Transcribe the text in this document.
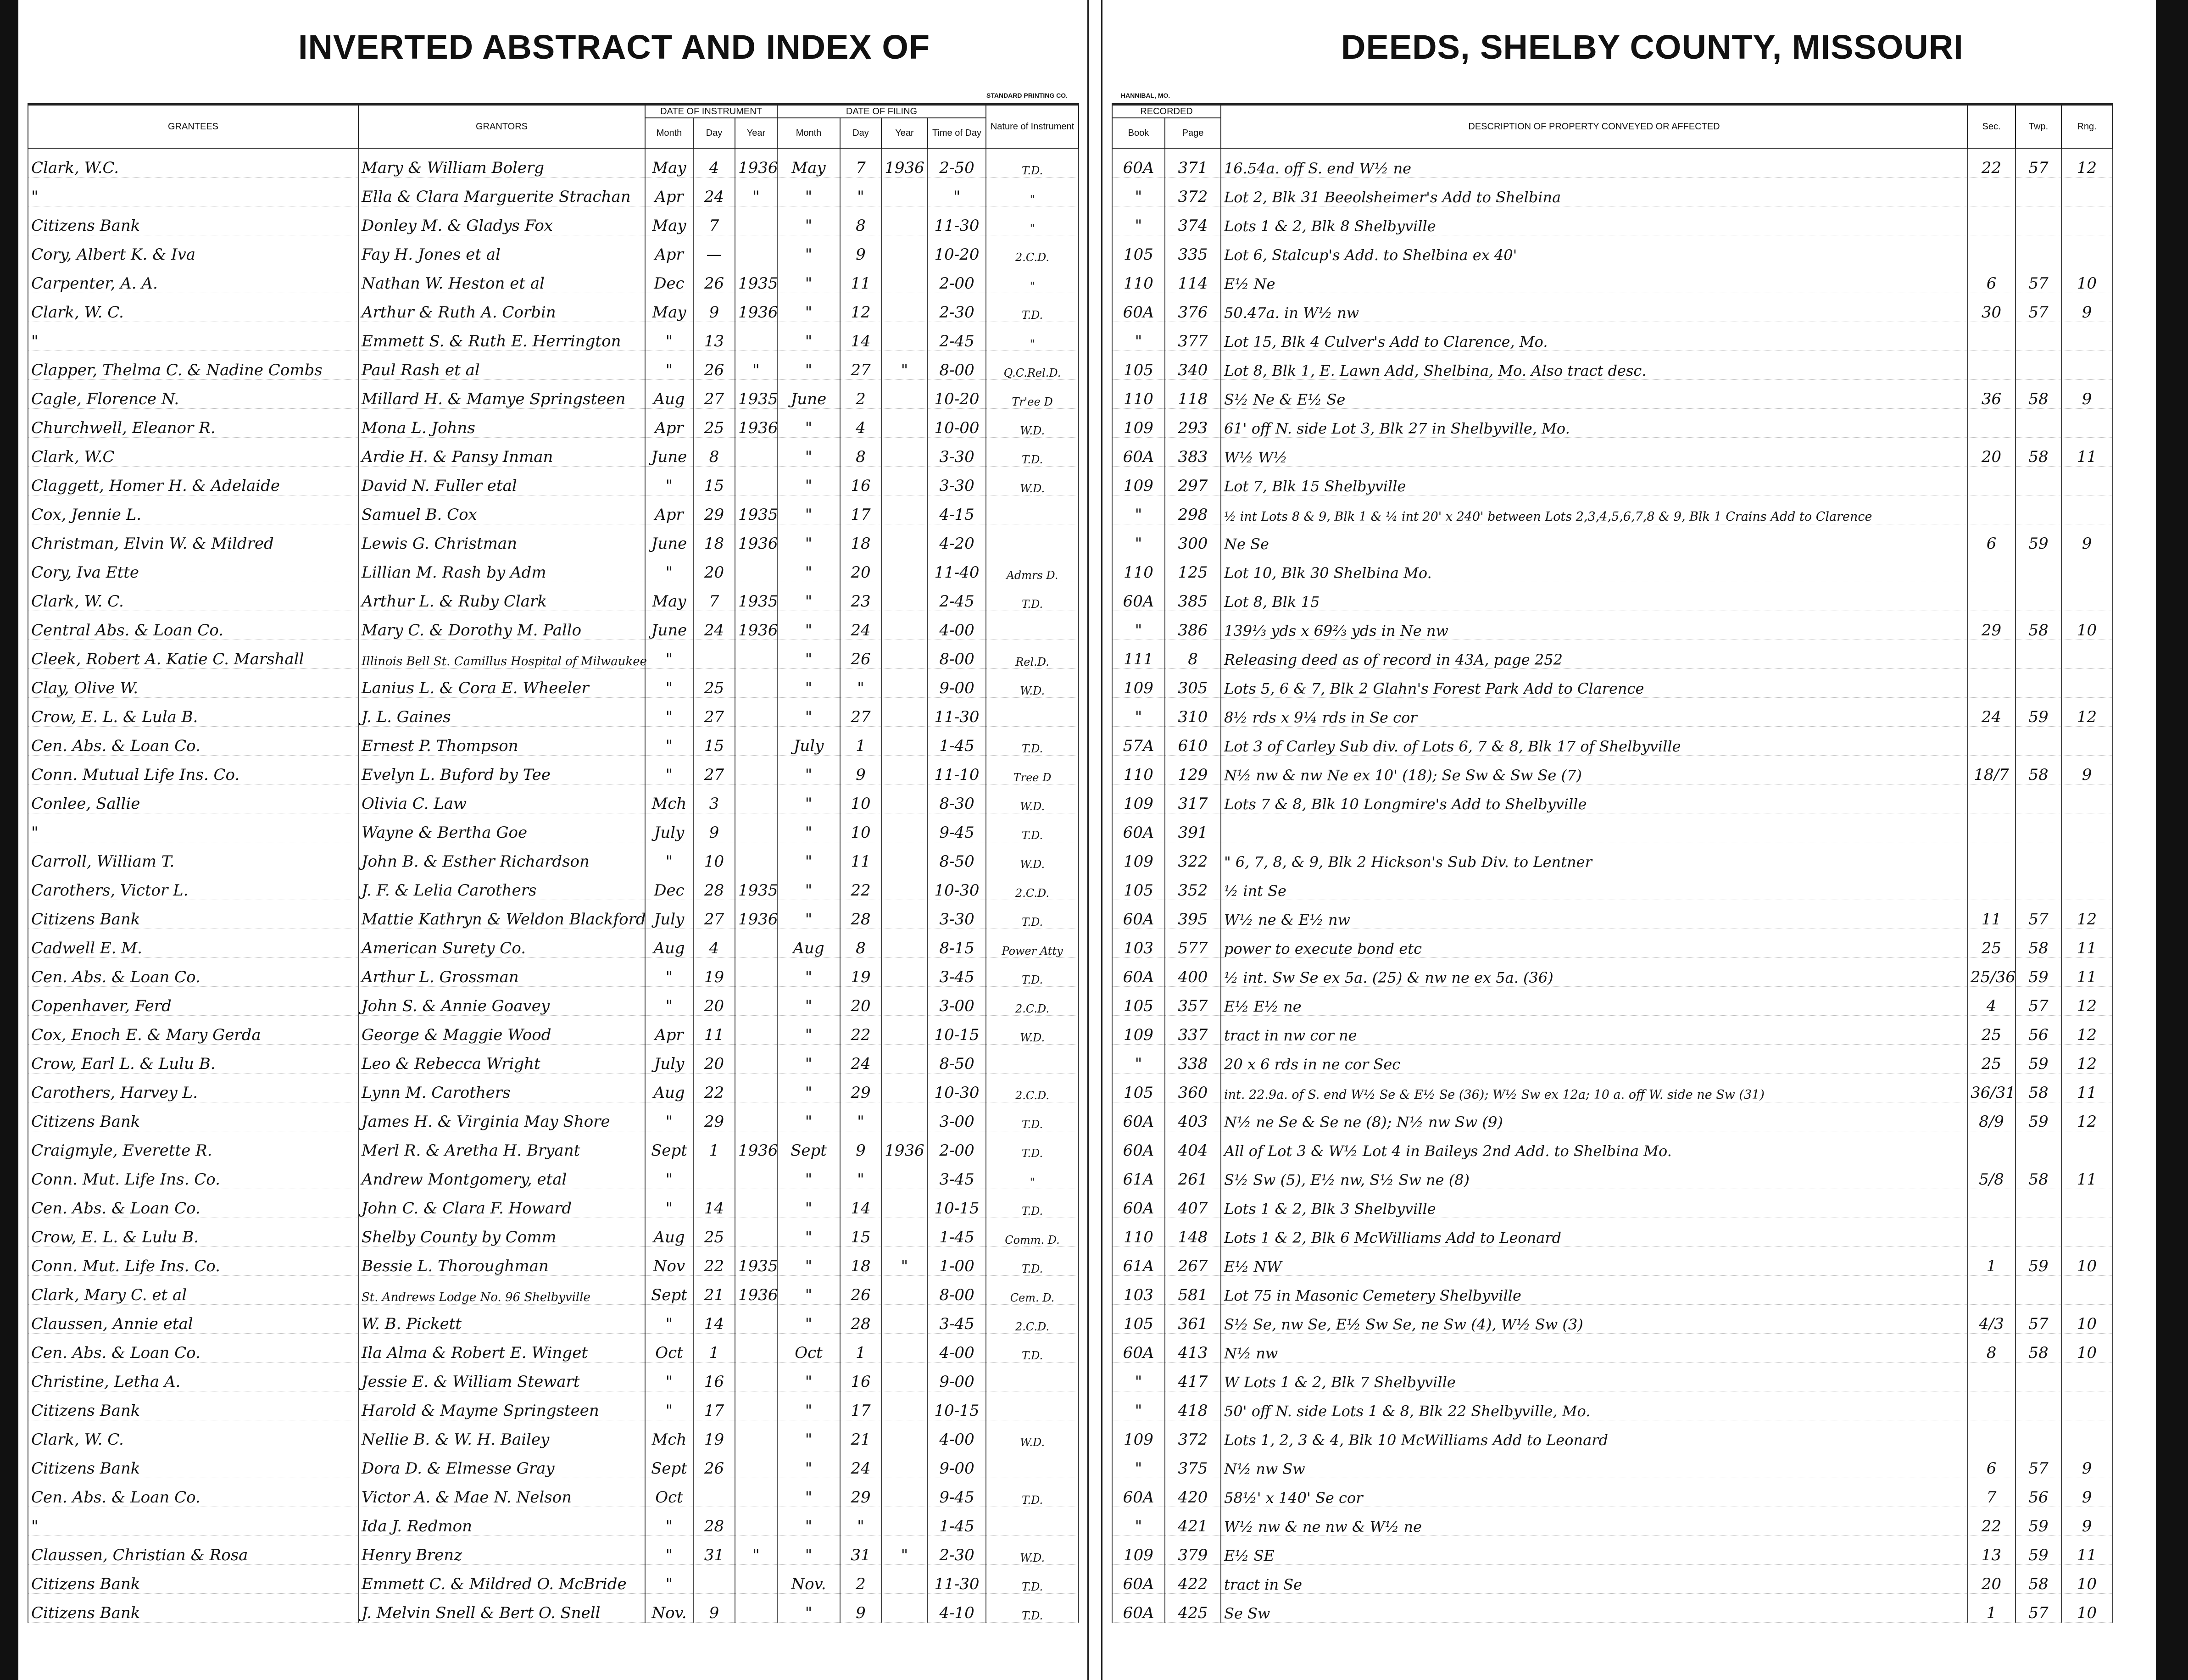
INVERTED ABSTRACT AND INDEX OF
STANDARD PRINTING CO.
GRANTEES	GRANTORS	DATE OF INSTRUMENT			DATE OF FILING				Nature of Instrument
		Month	Day	Year	Month	Day	Year	Time of Day	
Clark, W.C.	Mary & William Bolerg	May	4	1936	May	7	1936	2-50	T.D.
"	Ella & Clara Marguerite Strachan	Apr	24	"	"	"		"	"
Citizens Bank	Donley M. & Gladys Fox	May	7		"	8		11-30	"
Cory, Albert K. & Iva	Fay H. Jones et al	Apr	—		"	9		10-20	2.C.D.
Carpenter, A. A.	Nathan W. Heston et al	Dec	26	1935	"	11		2-00	"
Clark, W. C.	Arthur & Ruth A. Corbin	May	9	1936	"	12		2-30	T.D.
"	Emmett S. & Ruth E. Herrington	"	13		"	14		2-45	"
Clapper, Thelma C. & Nadine Combs	Paul Rash et al	"	26	"	"	27	"	8-00	Q.C.Rel.D.
Cagle, Florence N.	Millard H. & Mamye Springsteen	Aug	27	1935	June	2		10-20	Tr'ee D
Churchwell, Eleanor R.	Mona L. Johns	Apr	25	1936	"	4		10-00	W.D.
Clark, W.C	Ardie H. & Pansy Inman	June	8		"	8		3-30	T.D.
Claggett, Homer H. & Adelaide	David N. Fuller etal	"	15		"	16		3-30	W.D.
Cox, Jennie L.	Samuel B. Cox	Apr	29	1935	"	17		4-15	
Christman, Elvin W. & Mildred	Lewis G. Christman	June	18	1936	"	18		4-20	
Cory, Iva Ette	Lillian M. Rash by Adm	"	20		"	20		11-40	Admrs D.
Clark, W. C.	Arthur L. & Ruby Clark	May	7	1935	"	23		2-45	T.D.
Central Abs. & Loan Co.	Mary C. & Dorothy M. Pallo	June	24	1936	"	24		4-00	
Cleek, Robert A. Katie C. Marshall	Illinois Bell St. Camillus Hospital of Milwaukee	"			"	26		8-00	Rel.D.
Clay, Olive W.	Lanius L. & Cora E. Wheeler	"	25		"	"		9-00	W.D.
Crow, E. L. & Lula B.	J. L. Gaines	"	27		"	27		11-30	
Cen. Abs. & Loan Co.	Ernest P. Thompson	"	15		July	1		1-45	T.D.
Conn. Mutual Life Ins. Co.	Evelyn L. Buford by Tee	"	27		"	9		11-10	Tree D
Conlee, Sallie	Olivia C. Law	Mch	3		"	10		8-30	W.D.
"	Wayne & Bertha Goe	July	9		"	10		9-45	T.D.
Carroll, William T.	John B. & Esther Richardson	"	10		"	11		8-50	W.D.
Carothers, Victor L.	J. F. & Lelia Carothers	Dec	28	1935	"	22		10-30	2.C.D.
Citizens Bank	Mattie Kathryn & Weldon Blackford	July	27	1936	"	28		3-30	T.D.
Cadwell E. M.	American Surety Co.	Aug	4		Aug	8		8-15	Power Atty
Cen. Abs. & Loan Co.	Arthur L. Grossman	"	19		"	19		3-45	T.D.
Copenhaver, Ferd	John S. & Annie Goavey	"	20		"	20		3-00	2.C.D.
Cox, Enoch E. & Mary Gerda	George & Maggie Wood	Apr	11		"	22		10-15	W.D.
Crow, Earl L. & Lulu B.	Leo & Rebecca Wright	July	20		"	24		8-50	
Carothers, Harvey L.	Lynn M. Carothers	Aug	22		"	29		10-30	2.C.D.
Citizens Bank	James H. & Virginia May Shore	"	29		"	"		3-00	T.D.
Craigmyle, Everette R.	Merl R. & Aretha H. Bryant	Sept	1	1936	Sept	9	1936	2-00	T.D.
Conn. Mut. Life Ins. Co.	Andrew Montgomery, etal	"			"	"		3-45	"
Cen. Abs. & Loan Co.	John C. & Clara F. Howard	"	14		"	14		10-15	T.D.
Crow, E. L. & Lulu B.	Shelby County by Comm	Aug	25		"	15		1-45	Comm. D.
Conn. Mut. Life Ins. Co.	Bessie L. Thoroughman	Nov	22	1935	"	18	"	1-00	T.D.
Clark, Mary C. et al	St. Andrews Lodge No. 96 Shelbyville	Sept	21	1936	"	26		8-00	Cem. D.
Claussen, Annie etal	W. B. Pickett	"	14		"	28		3-45	2.C.D.
Cen. Abs. & Loan Co.	Ila Alma & Robert E. Winget	Oct	1		Oct	1		4-00	T.D.
Christine, Letha A.	Jessie E. & William Stewart	"	16		"	16		9-00	
Citizens Bank	Harold & Mayme Springsteen	"	17		"	17		10-15	
Clark, W. C.	Nellie B. & W. H. Bailey	Mch	19		"	21		4-00	W.D.
Citizens Bank	Dora D. & Elmesse Gray	Sept	26		"	24		9-00	
Cen. Abs. & Loan Co.	Victor A. & Mae N. Nelson	Oct			"	29		9-45	T.D.
"	Ida J. Redmon	"	28		"	"		1-45	
Claussen, Christian & Rosa	Henry Brenz	"	31	"	"	31	"	2-30	W.D.
Citizens Bank	Emmett C. & Mildred O. McBride	"			Nov.	2		11-30	T.D.
Citizens Bank	J. Melvin Snell & Bert O. Snell	Nov.	9		"	9		4-10	T.D.
DEEDS, SHELBY COUNTY, MISSOURI
HANNIBAL, MO.
RECORDED		DESCRIPTION OF PROPERTY CONVEYED OR AFFECTED	Sec.	Twp.	Rng.
Book	Page				
60A	371	16.54a. off S. end W½ ne	22	57	12
"	372	Lot 2, Blk 31 Beeolsheimer's Add to Shelbina			
"	374	Lots 1 & 2, Blk 8 Shelbyville			
105	335	Lot 6, Stalcup's Add. to Shelbina ex 40'			
110	114	E½ Ne	6	57	10
60A	376	50.47a. in W½ nw	30	57	9
"	377	Lot 15, Blk 4 Culver's Add to Clarence, Mo.			
105	340	Lot 8, Blk 1, E. Lawn Add, Shelbina, Mo. Also tract desc.			
110	118	S½ Ne & E½ Se	36	58	9
109	293	61' off N. side Lot 3, Blk 27 in Shelbyville, Mo.			
60A	383	W½ W½	20	58	11
109	297	Lot 7, Blk 15 Shelbyville			
"	298	½ int Lots 8 & 9, Blk 1 & ¼ int 20' x 240' between Lots 2,3,4,5,6,7,8 & 9, Blk 1 Crains Add to Clarence			
"	300	Ne Se	6	59	9
110	125	Lot 10, Blk 30 Shelbina Mo.			
60A	385	Lot 8, Blk 15			
"	386	139⅓ yds x 69⅔ yds in Ne nw	29	58	10
111	8	Releasing deed as of record in 43A, page 252			
109	305	Lots 5, 6 & 7, Blk 2 Glahn's Forest Park Add to Clarence			
"	310	8½ rds x 9¼ rds in Se cor	24	59	12
57A	610	Lot 3 of Carley Sub div. of Lots 6, 7 & 8, Blk 17 of Shelbyville			
110	129	N½ nw & nw Ne ex 10' (18); Se Sw & Sw Se (7)	18/7	58	9
109	317	Lots 7 & 8, Blk 10 Longmire's Add to Shelbyville			
60A	391				
109	322	" 6, 7, 8, & 9, Blk 2 Hickson's Sub Div. to Lentner			
105	352	½ int Se			
60A	395	W½ ne & E½ nw	11	57	12
103	577	power to execute bond etc	25	58	11
60A	400	½ int. Sw Se ex 5a. (25) & nw ne ex 5a. (36)	25/36	59	11
105	357	E½ E½ ne	4	57	12
109	337	tract in nw cor ne	25	56	12
"	338	20 x 6 rds in ne cor Sec	25	59	12
105	360	int. 22.9a. of S. end W½ Se & E½ Se (36); W½ Sw ex 12a; 10 a. off W. side ne Sw (31)	36/31	58	11
60A	403	N½ ne Se & Se ne (8); N½ nw Sw (9)	8/9	59	12
60A	404	All of Lot 3 & W½ Lot 4 in Baileys 2nd Add. to Shelbina Mo.			
61A	261	S½ Sw (5), E½ nw, S½ Sw ne (8)	5/8	58	11
60A	407	Lots 1 & 2, Blk 3 Shelbyville			
110	148	Lots 1 & 2, Blk 6 McWilliams Add to Leonard			
61A	267	E½ NW	1	59	10
103	581	Lot 75 in Masonic Cemetery Shelbyville			
105	361	S½ Se, nw Se, E½ Sw Se, ne Sw (4), W½ Sw (3)	4/3	57	10
60A	413	N½ nw	8	58	10
"	417	W Lots 1 & 2, Blk 7 Shelbyville			
"	418	50' off N. side Lots 1 & 8, Blk 22 Shelbyville, Mo.			
109	372	Lots 1, 2, 3 & 4, Blk 10 McWilliams Add to Leonard			
"	375	N½ nw Sw	6	57	9
60A	420	58½' x 140' Se cor	7	56	9
"	421	W½ nw & ne nw & W½ ne	22	59	9
109	379	E½ SE	13	59	11
60A	422	tract in Se	20	58	10
60A	425	Se Sw	1	57	10
